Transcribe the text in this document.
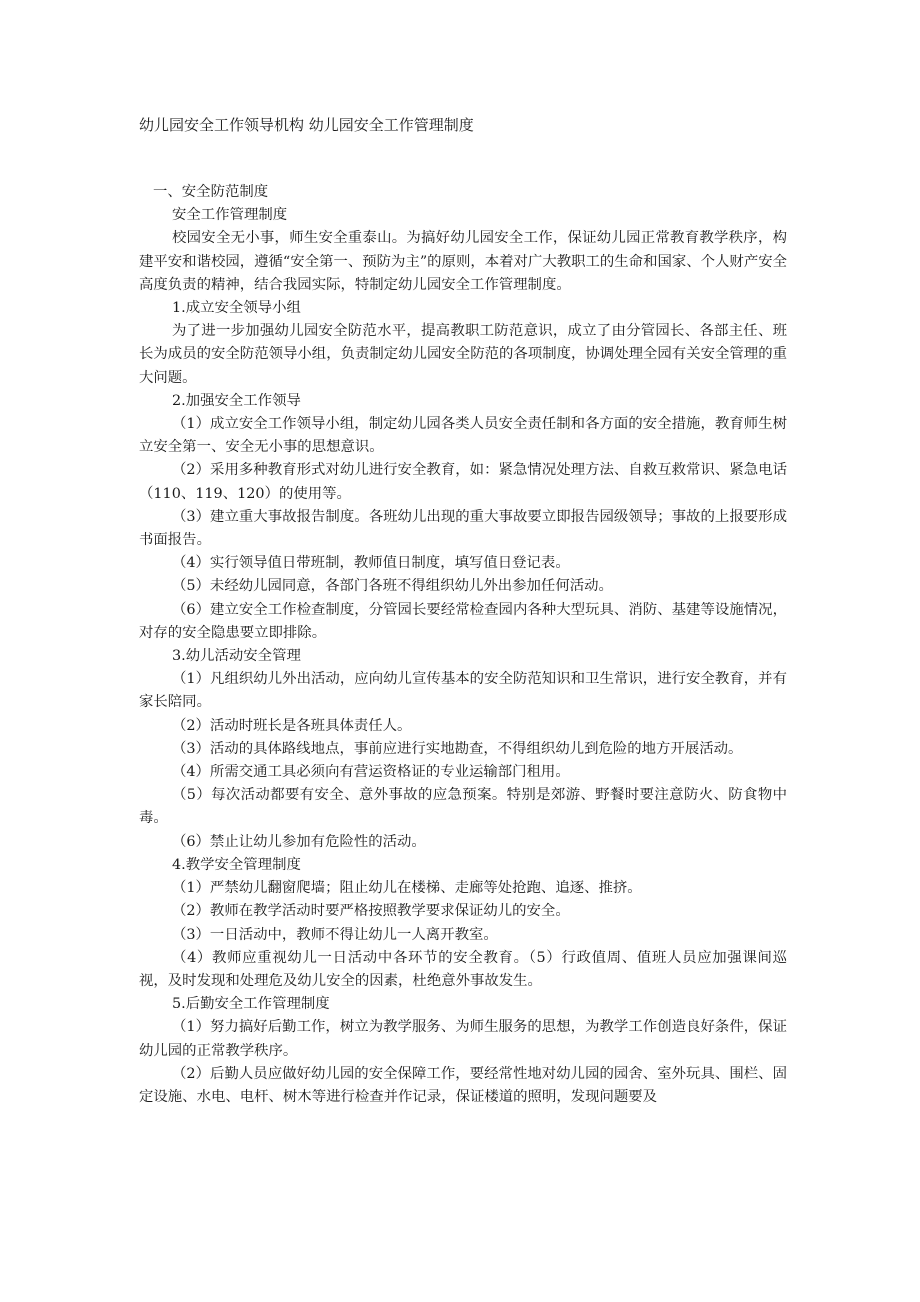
幼儿园安全工作领导机构 幼儿园安全工作管理制度

一、安全防范制度

安全工作管理制度

校园安全无小事，师生安全重泰山。为搞好幼儿园安全工作，保证幼儿园正常教育教学秩序，构建平安和谐校园，遵循“安全第一、预防为主”的原则，本着对广大教职工的生命和国家、个人财产安全高度负责的精神，结合我园实际，特制定幼儿园安全工作管理制度。

1.成立安全领导小组

为了进一步加强幼儿园安全防范水平，提高教职工防范意识，成立了由分管园长、各部主任、班长为成员的安全防范领导小组，负责制定幼儿园安全防范的各项制度，协调处理全园有关安全管理的重大问题。

2.加强安全工作领导

（1）成立安全工作领导小组，制定幼儿园各类人员安全责任制和各方面的安全措施，教育师生树立安全第一、安全无小事的思想意识。

（2）采用多种教育形式对幼儿进行安全教育，如：紧急情况处理方法、自救互救常识、紧急电话（110、119、120）的使用等。

（3）建立重大事故报告制度。各班幼儿出现的重大事故要立即报告园级领导；事故的上报要形成书面报告。

（4）实行领导值日带班制，教师值日制度，填写值日登记表。

（5）未经幼儿园同意，各部门各班不得组织幼儿外出参加任何活动。

（6）建立安全工作检查制度，分管园长要经常检查园内各种大型玩具、消防、基建等设施情况，对存的安全隐患要立即排除。

3.幼儿活动安全管理

（1）凡组织幼儿外出活动，应向幼儿宣传基本的安全防范知识和卫生常识，进行安全教育，并有家长陪同。

（2）活动时班长是各班具体责任人。

（3）活动的具体路线地点，事前应进行实地勘查，不得组织幼儿到危险的地方开展活动。

（4）所需交通工具必须向有营运资格证的专业运输部门租用。

（5）每次活动都要有安全、意外事故的应急预案。特别是郊游、野餐时要注意防火、防食物中毒。

（6）禁止让幼儿参加有危险性的活动。

4.教学安全管理制度

（1）严禁幼儿翻窗爬墙；阻止幼儿在楼梯、走廊等处抢跑、追逐、推挤。

（2）教师在教学活动时要严格按照教学要求保证幼儿的安全。

（3）一日活动中，教师不得让幼儿一人离开教室。

（4）教师应重视幼儿一日活动中各环节的安全教育。（5）行政值周、值班人员应加强课间巡视，及时发现和处理危及幼儿安全的因素，杜绝意外事故发生。

5.后勤安全工作管理制度

（1）努力搞好后勤工作，树立为教学服务、为师生服务的思想，为教学工作创造良好条件，保证幼儿园的正常教学秩序。

（2）后勤人员应做好幼儿园的安全保障工作，要经常性地对幼儿园的园舍、室外玩具、围栏、固定设施、水电、电杆、树木等进行检查并作记录，保证楼道的照明，发现问题要及
